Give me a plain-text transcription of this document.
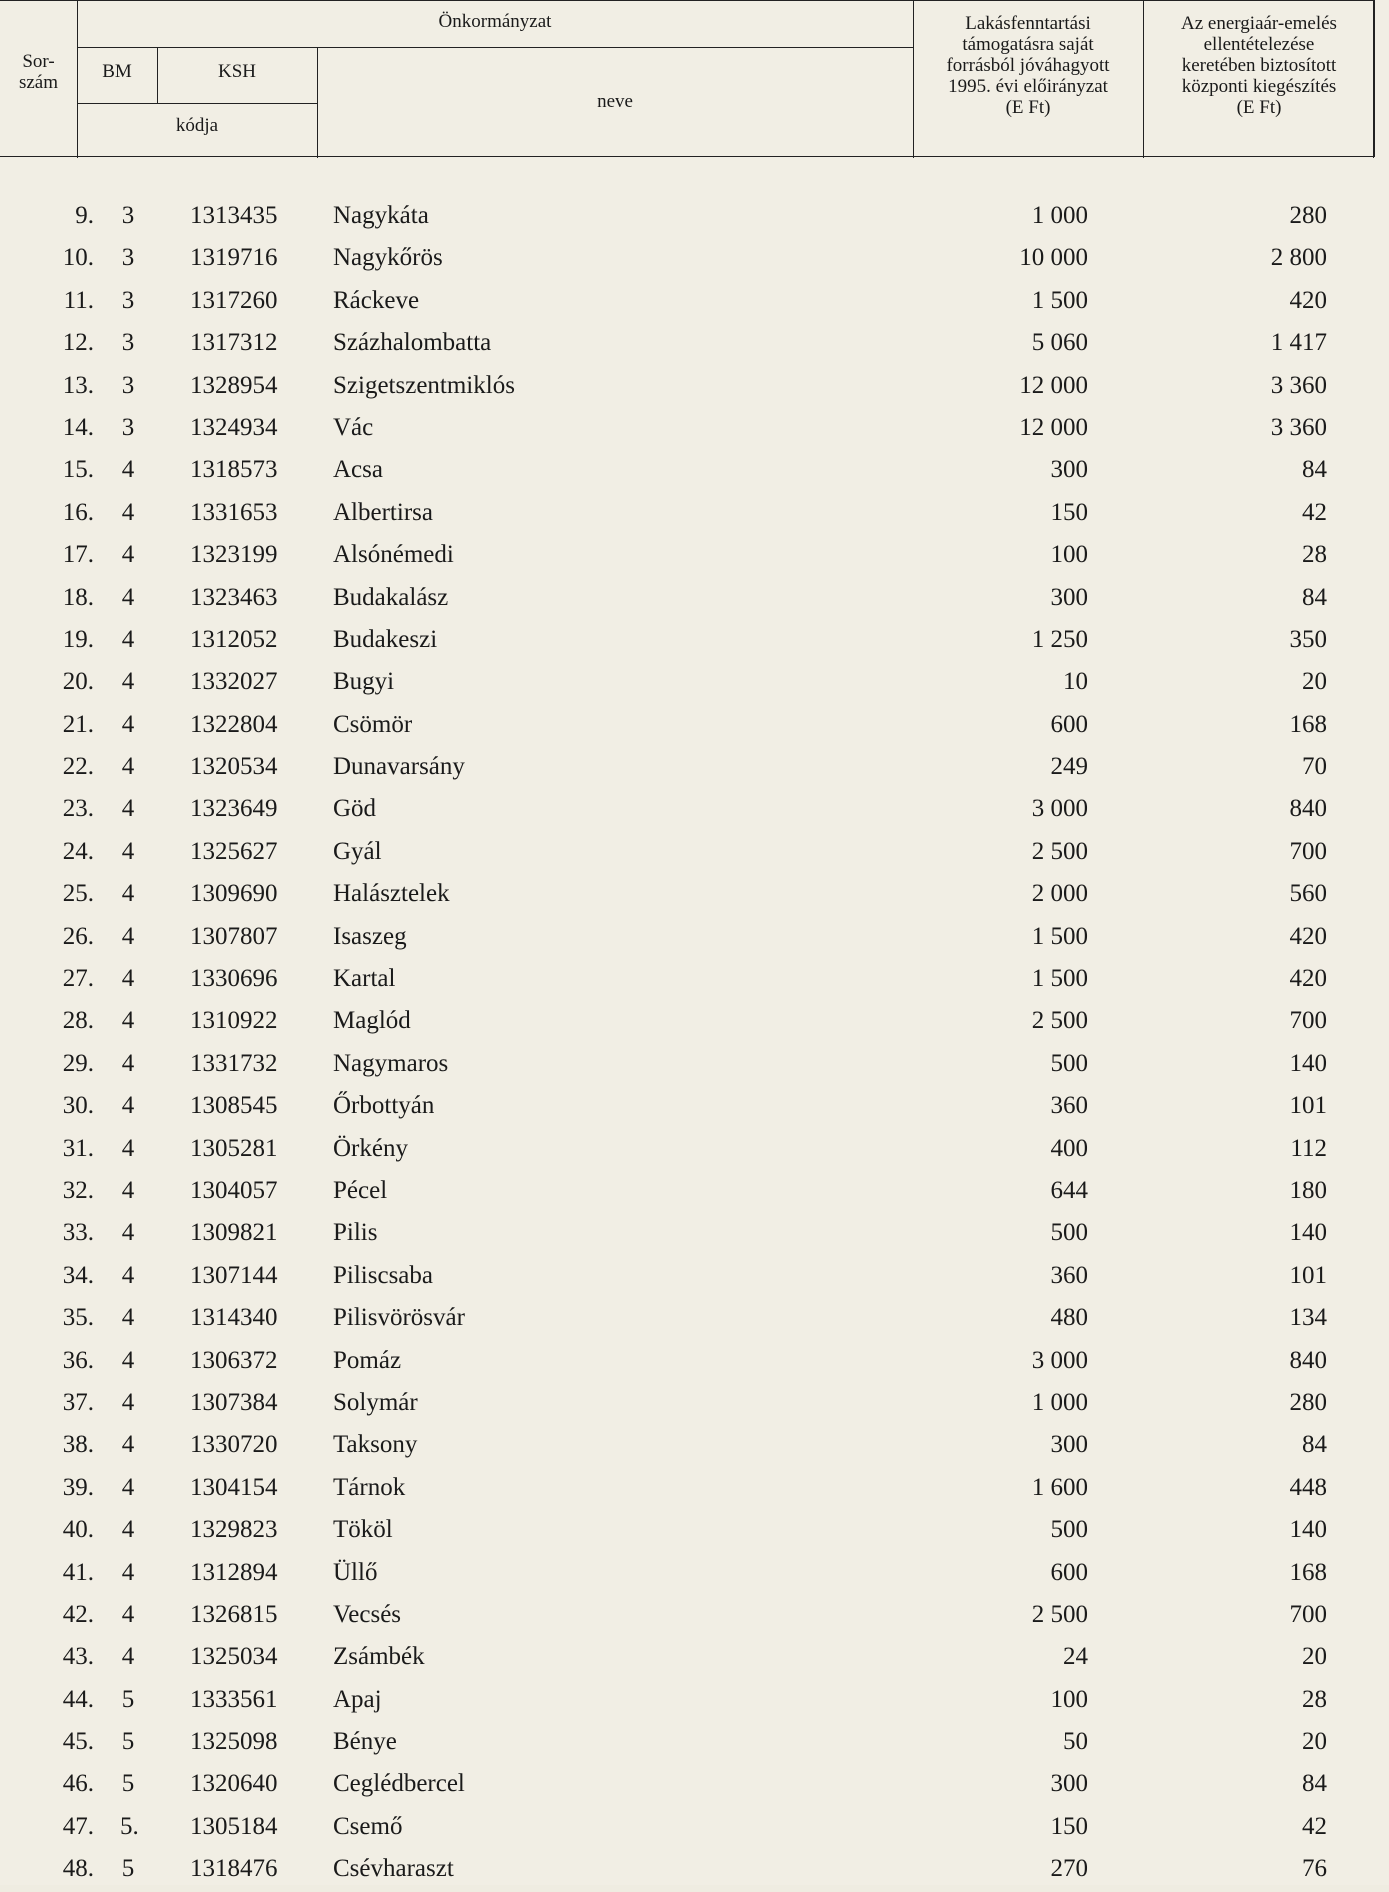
Sor-
szám
Önkormányzat
BM	KSH
kódja
neve
Lakásfenntartási
támogatásra saját
forrásból jóváhagyott
1995. évi előirányzat
(E Ft)
Az energiaár-emelés
ellentételezése
keretében biztosított
központi kiegészítés
(E Ft)
9. 3 1313435 Nagykáta	1 000	280
10. 3 1319716 Nagykőrös	10 000	2 800
11. 3 1317260 Ráckeve	1 500	420
12. 3 1317312 Százhalombatta	5 060	1 417
13. 3 1328954 Szigetszentmiklós	12 000	3 360
14. 3 1324934 Vác	12 000	3 360
15. 4 1318573 Acsa	300	84
16. 4 1331653 Albertirsa	150	42
17. 4 1323199 Alsónémedi	100	28
18. 4 1323463 Budakalász	300	84
19. 4 1312052 Budakeszi	1 250	350
20. 4 1332027 Bugyi	10	20
21. 4 1322804 Csömör	600	168
22. 4 1320534 Dunavarsány	249	70
23. 4 1323649 Göd	3 000	840
24. 4 1325627 Gyál	2 500	700
25. 4 1309690 Halásztelek	2 000	560
26. 4 1307807 Isaszeg	1 500	420
27. 4 1330696 Kartal	1 500	420
28. 4 1310922 Maglód	2 500	700
29. 4 1331732 Nagymaros	500	140
30. 4 1308545 Őrbottyán	360	101
31. 4 1305281 Örkény	400	112
32. 4 1304057 Pécel	644	180
33. 4 1309821 Pilis	500	140
34. 4 1307144 Piliscsaba	360	101
35. 4 1314340 Pilisvörösvár	480	134
36. 4 1306372 Pomáz	3 000	840
37. 4 1307384 Solymár	1 000	280
38. 4 1330720 Taksony	300	84
39. 4 1304154 Tárnok	1 600	448
40. 4 1329823 Tököl	500	140
41. 4 1312894 Üllő	600	168
42. 4 1326815 Vecsés	2 500	700
43. 4 1325034 Zsámbék	24	20
44. 5 1333561 Apaj	100	28
45. 5 1325098 Bénye	50	20
46. 5 1320640 Ceglédbercel	300	84
47. 5. 1305184 Csemő	150	42
48. 5 1318476 Csévharaszt	270	76
